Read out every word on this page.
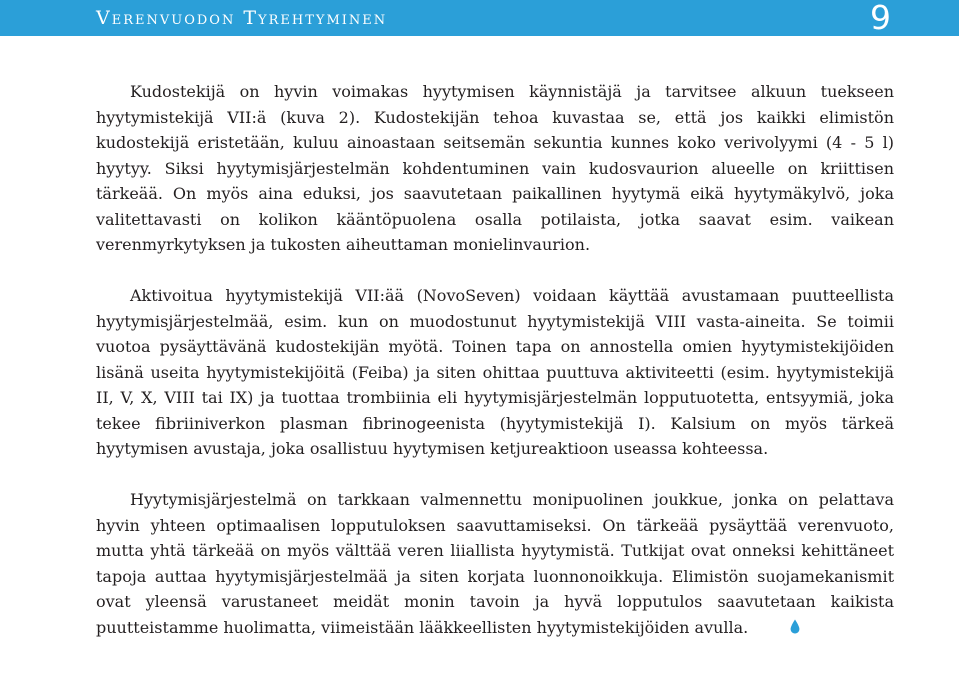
Verenvuodon Tyrehtyminen	9

Kudostekijä on hyvin voimakas hyytymisen käynnistäjä ja tarvitsee alkuun tuekseen hyytymistekijä VII:ä (kuva 2). Kudostekijän tehoa kuvastaa se, että jos kaikki elimistön kudostekijä eristetään, kuluu ainoastaan seitsemän sekuntia kunnes koko verivolyymi (4 - 5 l) hyytyy. Siksi hyytymisjärjestelmän kohdentuminen vain kudosvaurion alueelle on kriittisen tärkeää. On myös aina eduksi, jos saavutetaan paikallinen hyytymä eikä hyytymäkylvö, joka valitettavasti on kolikon kääntöpuolena osalla potilaista, jotka saavat esim. vaikean verenmyrkytyksen ja tukosten aiheuttaman monielinvaurion.

Aktivoitua hyytymistekijä VII:ää (NovoSeven) voidaan käyttää avustamaan puutteellista hyytymisjärjestelmää, esim. kun on muodostunut hyytymistekijä VIII vasta-aineita. Se toimii vuotoa pysäyttävänä kudostekijän myötä. Toinen tapa on annostella omien hyytymistekijöiden lisänä useita hyytymistekijöitä (Feiba) ja siten ohittaa puuttuva aktiviteetti (esim. hyytymistekijä II, V, X, VIII tai IX) ja tuottaa trombiinia eli hyytymisjärjestelmän lopputuotetta, entsyymiä, joka tekee fibriiniverkon plasman fibrinogeenista (hyytymistekijä I). Kalsium on myös tärkeä hyytymisen avustaja, joka osallistuu hyytymisen ketjureaktioon useassa kohteessa.

Hyytymisjärjestelmä on tarkkaan valmennettu monipuolinen joukkue, jonka on pelattava hyvin yhteen optimaalisen lopputuloksen saavuttamiseksi. On tärkeää pysäyttää verenvuoto, mutta yhtä tärkeää on myös välttää veren liiallista hyytymistä. Tutkijat ovat onneksi kehittäneet tapoja auttaa hyytymisjärjestelmää ja siten korjata luonnonoikkuja. Elimistön suojamekanismit ovat yleensä varustaneet meidät monin tavoin ja hyvä lopputulos saavutetaan kaikista puutteistamme huolimatta, viimeistään lääkkeellisten hyytymistekijöiden avulla.
